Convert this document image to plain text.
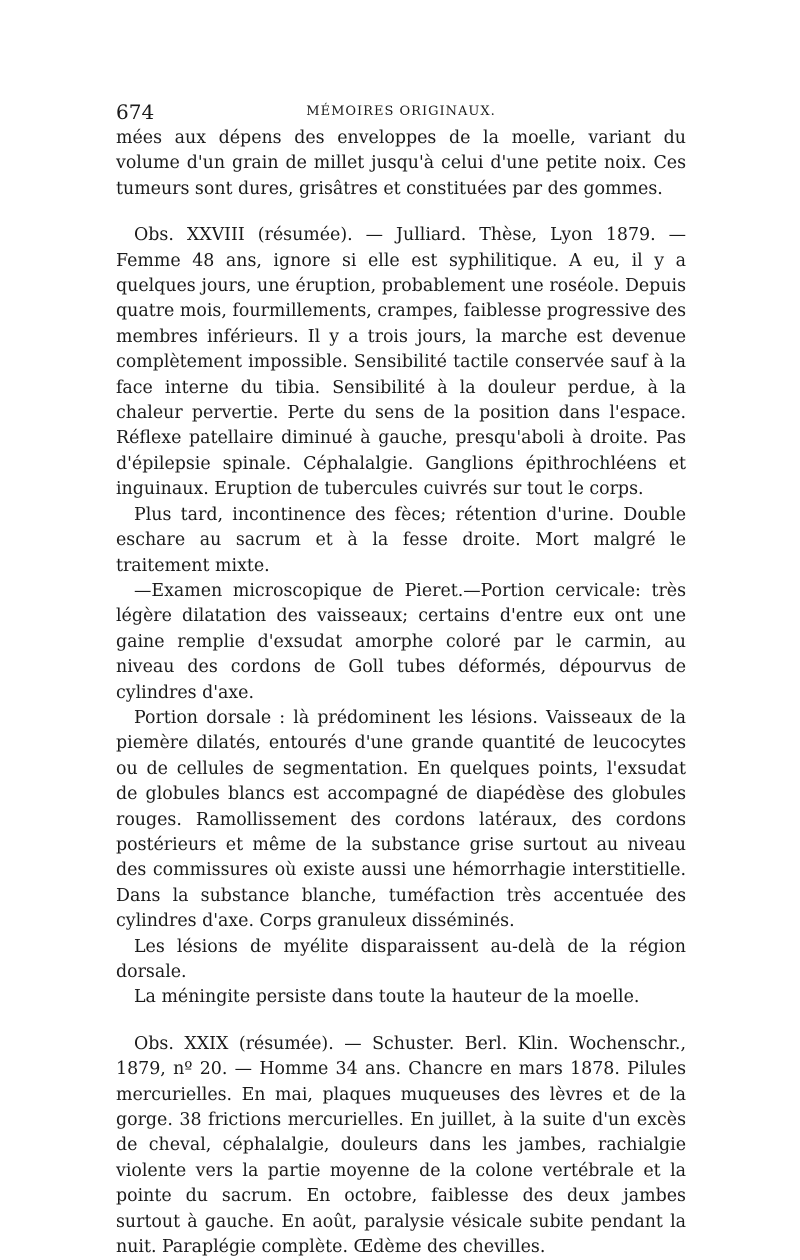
674	MÉMOIRES ORIGINAUX.

mées aux dépens des enveloppes de la moelle, variant du volume d'un grain de millet jusqu'à celui d'une petite noix. Ces tumeurs sont dures, grisâtres et constituées par des gommes.

Obs. XXVIII (résumée). — Julliard. Thèse, Lyon 1879. — Femme 48 ans, ignore si elle est syphilitique. A eu, il y a quelques jours, une éruption, probablement une roséole. Depuis quatre mois, fourmillements, crampes, faiblesse progressive des membres inférieurs. Il y a trois jours, la marche est devenue complètement impossible. Sensibilité tactile conservée sauf à la face interne du tibia. Sensibilité à la douleur perdue, à la chaleur pervertie. Perte du sens de la position dans l'espace. Réflexe patellaire diminué à gauche, presqu'aboli à droite. Pas d'épilepsie spinale. Céphalalgie. Ganglions épithrochléens et inguinaux. Eruption de tubercules cuivrés sur tout le corps.

Plus tard, incontinence des fèces; rétention d'urine. Double eschare au sacrum et à la fesse droite. Mort malgré le traitement mixte.

—Examen microscopique de Pieret.—Portion cervicale: très légère dilatation des vaisseaux; certains d'entre eux ont une gaine remplie d'exsudat amorphe coloré par le carmin, au niveau des cordons de Goll tubes déformés, dépourvus de cylindres d'axe.

Portion dorsale : là prédominent les lésions. Vaisseaux de la piemère dilatés, entourés d'une grande quantité de leucocytes ou de cellules de segmentation. En quelques points, l'exsudat de globules blancs est accompagné de diapédèse des globules rouges. Ramollissement des cordons latéraux, des cordons postérieurs et même de la substance grise surtout au niveau des commissures où existe aussi une hémorrhagie interstitielle. Dans la substance blanche, tuméfaction très accentuée des cylindres d'axe. Corps granuleux disséminés.

Les lésions de myélite disparaissent au-delà de la région dorsale.

La méningite persiste dans toute la hauteur de la moelle.

Obs. XXIX (résumée). — Schuster. Berl. Klin. Wochenschr., 1879, nº 20. — Homme 34 ans. Chancre en mars 1878. Pilules mercurielles. En mai, plaques muqueuses des lèvres et de la gorge. 38 frictions mercurielles. En juillet, à la suite d'un excès de cheval, céphalalgie, douleurs dans les jambes, rachialgie violente vers la partie moyenne de la colone vertébrale et la pointe du sacrum. En octobre, faiblesse des deux jambes surtout à gauche. En août, paralysie vésicale subite pendant la nuit. Paraplégie complète. Œdème des chevilles.
